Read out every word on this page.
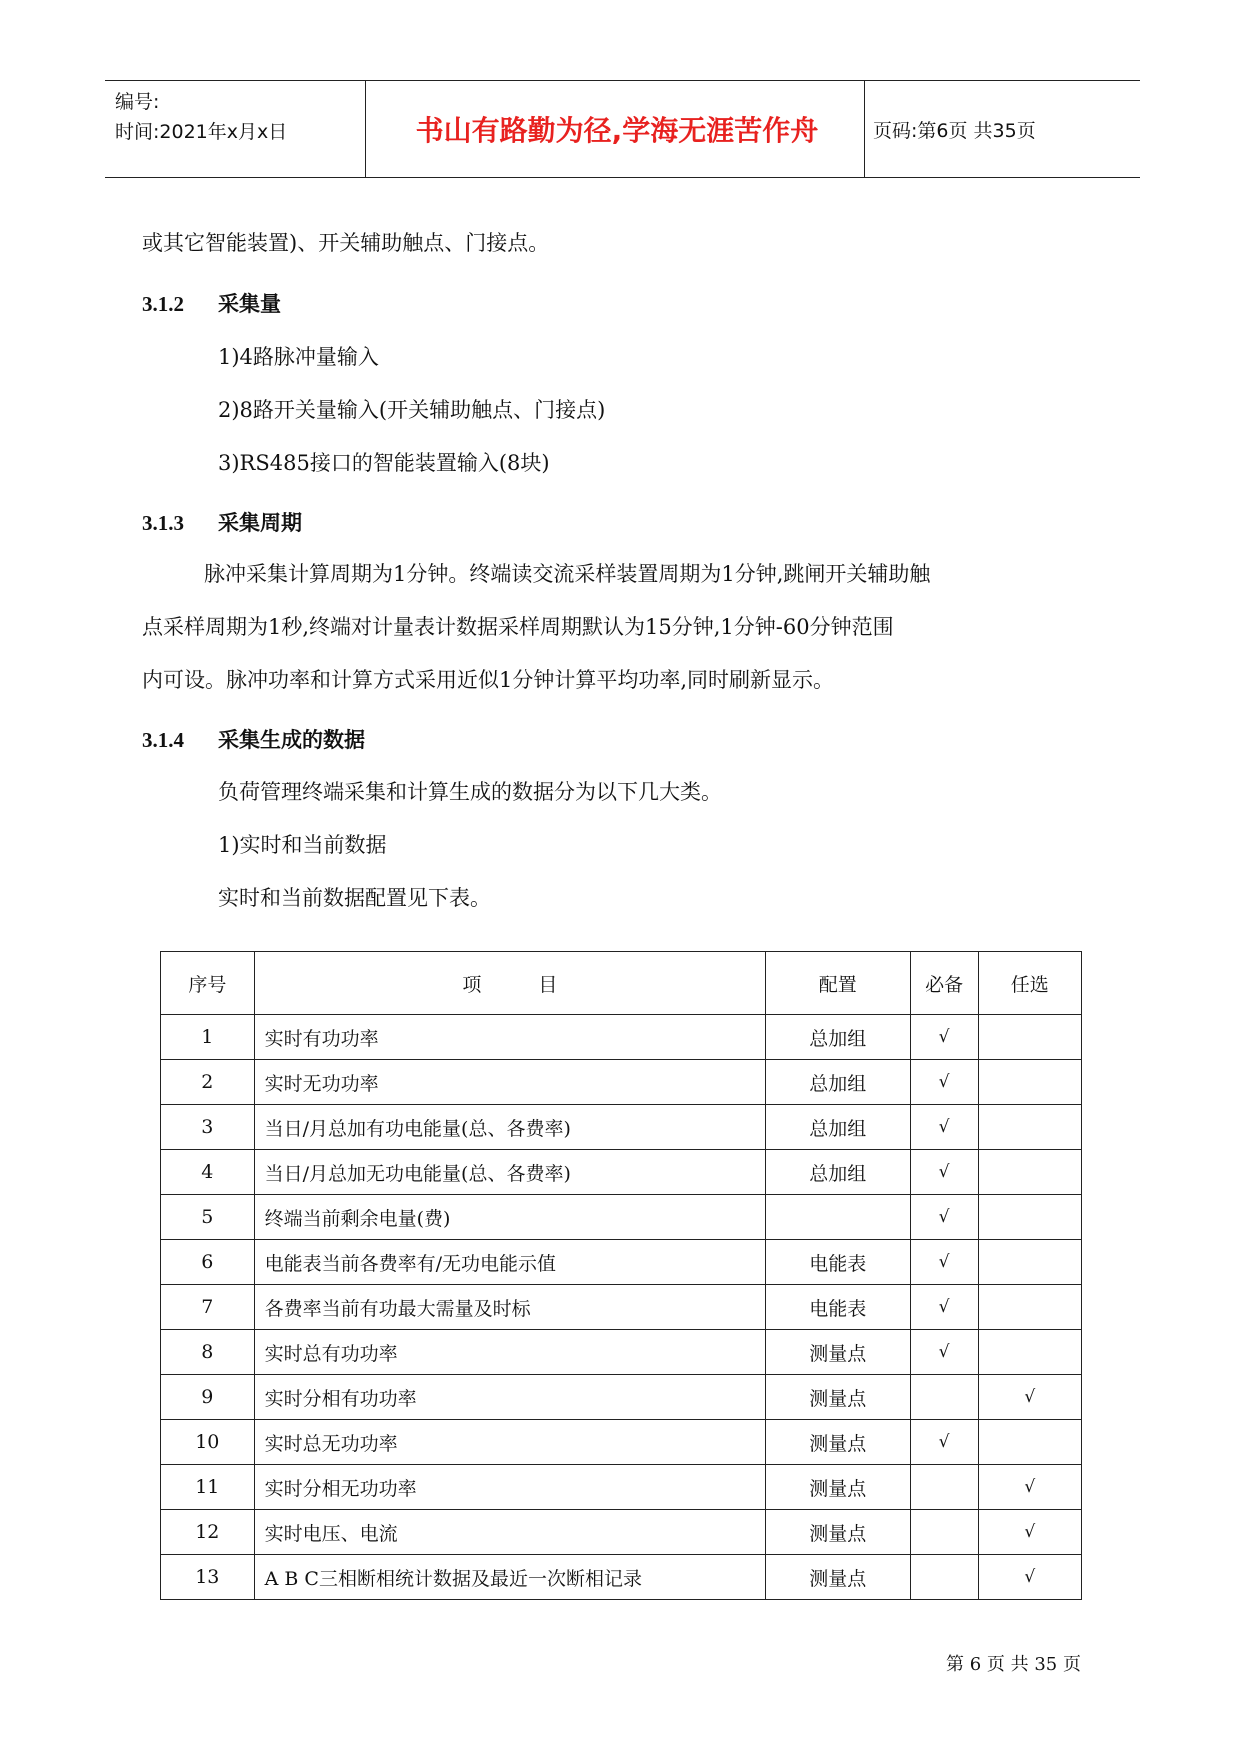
编号:
时间:2021年x月x日	书山有路勤为径,学海无涯苦作舟	页码:第6页 共35页
或其它智能装置)、开关辅助触点、门接点。
3.1.2 采集量
1)4路脉冲量输入
2)8路开关量输入(开关辅助触点、门接点)
3)RS485接口的智能装置输入(8块)
3.1.3 采集周期
脉冲采集计算周期为1分钟。终端读交流采样装置周期为1分钟,跳闸开关辅助触
点采样周期为1秒,终端对计量表计数据采样周期默认为15分钟,1分钟-60分钟范围
内可设。脉冲功率和计算方式采用近似1分钟计算平均功率,同时刷新显示。
3.1.4 采集生成的数据
负荷管理终端采集和计算生成的数据分为以下几大类。
1)实时和当前数据
实时和当前数据配置见下表。
序号	项　　　目	配置	必备	任选
1	实时有功功率	总加组	√	
2	实时无功功率	总加组	√	
3	当日/月总加有功电能量(总、各费率)	总加组	√	
4	当日/月总加无功电能量(总、各费率)	总加组	√	
5	终端当前剩余电量(费)		√	
6	电能表当前各费率有/无功电能示值	电能表	√	
7	各费率当前有功最大需量及时标	电能表	√	
8	实时总有功功率	测量点	√	
9	实时分相有功功率	测量点		√
10	实时总无功功率	测量点	√	
11	实时分相无功功率	测量点		√
12	实时电压、电流	测量点		√
13	A B C三相断相统计数据及最近一次断相记录	测量点		√
第 6 页 共 35 页
